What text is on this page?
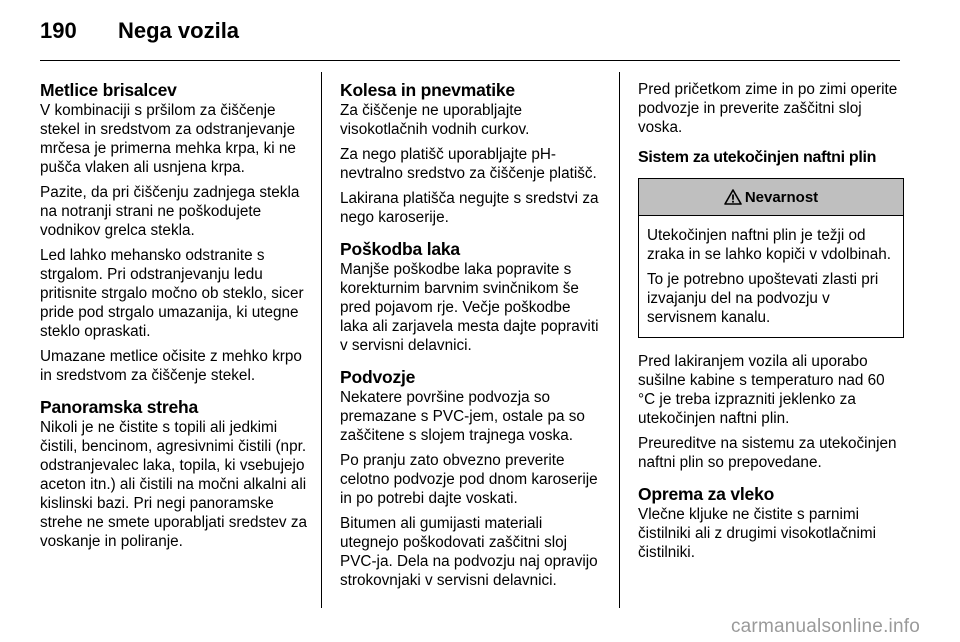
190	Nega vozila
Metlice brisalcev

V kombinaciji s pršilom za čiščenje stekel in sredstvom za odstranjevanje mrčesa je primerna mehka krpa, ki ne pušča vlaken ali usnjena krpa.

Pazite, da pri čiščenju zadnjega stekla na notranji strani ne poškodujete vodnikov grelca stekla.

Led lahko mehansko odstranite s strgalom. Pri odstranjevanju ledu pritisnite strgalo močno ob steklo, sicer pride pod strgalo umazanija, ki utegne steklo opraskati.

Umazane metlice očisite z mehko krpo in sredstvom za čiščenje stekel.

Panoramska streha

Nikoli je ne čistite s topili ali jedkimi čistili, bencinom, agresivnimi čistili (npr. odstranjevalec laka, topila, ki vsebujejo aceton itn.) ali čistili na močni alkalni ali kislinski bazi. Pri negi panoramske strehe ne smete uporabljati sredstev za voskanje in poliranje.

Kolesa in pnevmatike

Za čiščenje ne uporabljajte visokotlačnih vodnih curkov.

Za nego platišč uporabljajte pH-nevtralno sredstvo za čiščenje platišč.

Lakirana platišča negujte s sredstvi za nego karoserije.

Poškodba laka

Manjše poškodbe laka popravite s korekturnim barvnim svinčnikom še pred pojavom rje. Večje poškodbe laka ali zarjavela mesta dajte popraviti v servisni delavnici.

Podvozje

Nekatere površine podvozja so premazane s PVC-jem, ostale pa so zaščitene s slojem trajnega voska.

Po pranju zato obvezno preverite celotno podvozje pod dnom karoserije in po potrebi dajte voskati.

Bitumen ali gumijasti materiali utegnejo poškodovati zaščitni sloj PVC-ja. Dela na podvozju naj opravijo strokovnjaki v servisni delavnici.

Pred pričetkom zime in po zimi operite podvozje in preverite zaščitni sloj voska.

Sistem za utekočinjen naftni plin
Nevarnost

Utekočinjen naftni plin je težji od zraka in se lahko kopiči v vdolbinah.

To je potrebno upoštevati zlasti pri izvajanju del na podvozju v servisnem kanalu.

Pred lakiranjem vozila ali uporabo sušilne kabine s temperaturo nad 60 °C je treba izprazniti jeklenko za utekočinjen naftni plin.

Preureditve na sistemu za utekočinjen naftni plin so prepovedane.

Oprema za vleko

Vlečne kljuke ne čistite s parnimi čistilniki ali z drugimi visokotlačnimi čistilniki.

carmanualsonline.info
